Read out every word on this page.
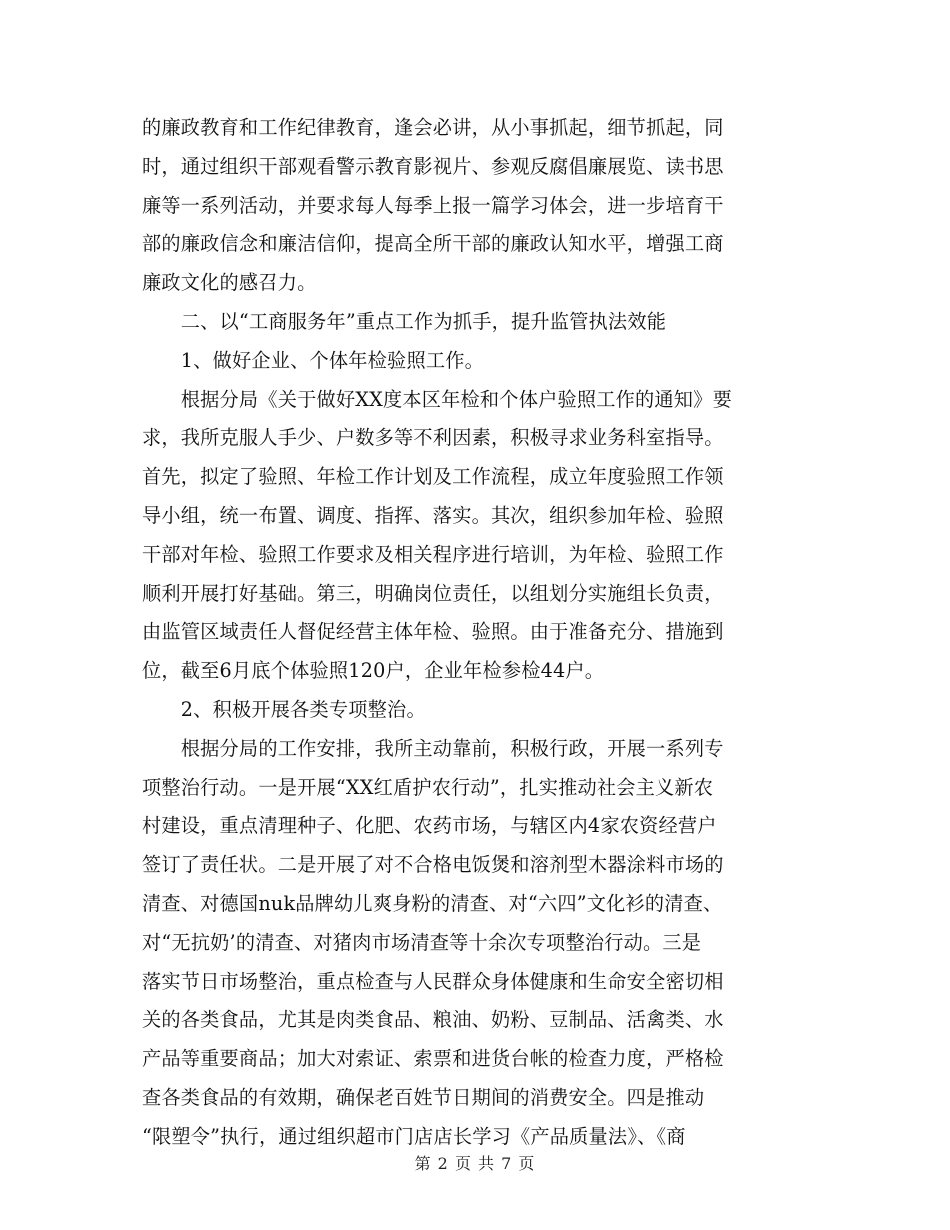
的廉政教育和工作纪律教育，逢会必讲，从小事抓起，细节抓起，同
时，通过组织干部观看警示教育影视片、参观反腐倡廉展览、读书思
廉等一系列活动，并要求每人每季上报一篇学习体会，进一步培育干
部的廉政信念和廉洁信仰，提高全所干部的廉政认知水平，增强工商
廉政文化的感召力。
　　二、以“工商服务年”重点工作为抓手，提升监管执法效能
　　1、做好企业、个体年检验照工作。
　　根据分局《关于做好XX度本区年检和个体户验照工作的通知》要
求，我所克服人手少、户数多等不利因素，积极寻求业务科室指导。
首先，拟定了验照、年检工作计划及工作流程，成立年度验照工作领
导小组，统一布置、调度、指挥、落实。其次，组织参加年检、验照
干部对年检、验照工作要求及相关程序进行培训，为年检、验照工作
顺利开展打好基础。第三，明确岗位责任，以组划分实施组长负责，
由监管区域责任人督促经营主体年检、验照。由于准备充分、措施到
位，截至6月底个体验照120户，企业年检参检44户。
　　2、积极开展各类专项整治。
　　根据分局的工作安排，我所主动靠前，积极行政，开展一系列专
项整治行动。一是开展“XX红盾护农行动”，扎实推动社会主义新农
村建设，重点清理种子、化肥、农药市场，与辖区内4家农资经营户
签订了责任状。二是开展了对不合格电饭煲和溶剂型木器涂料市场的
清查、对德国nuk品牌幼儿爽身粉的清查、对“六四”文化衫的清查、
对“无抗奶’的清查、对猪肉市场清查等十余次专项整治行动。三是
落实节日市场整治，重点检查与人民群众身体健康和生命安全密切相
关的各类食品，尤其是肉类食品、粮油、奶粉、豆制品、活禽类、水
产品等重要商品；加大对索证、索票和进货台帐的检查力度，严格检
查各类食品的有效期，确保老百姓节日期间的消费安全。四是推动
“限塑令”执行，通过组织超市门店店长学习《产品质量法》、《商
第 2 页 共 7 页
